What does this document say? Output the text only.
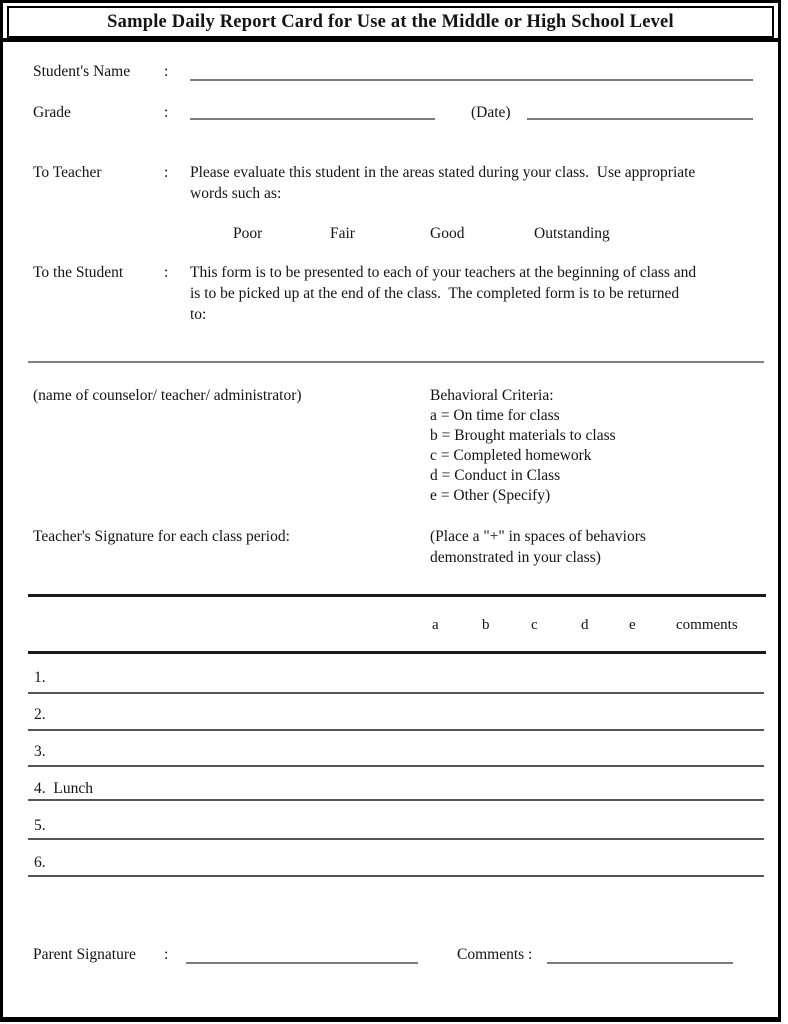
Sample Daily Report Card for Use at the Middle or High School Level
Student's Name :
Grade	:	(Date)
To Teacher	: Please evaluate this student in the areas stated during your class.  Use appropriate
words such as:
Poor	Fair	Good	Outstanding
To the Student	: This form is to be presented to each of your teachers at the beginning of class and
is to be picked up at the end of the class.  The completed form is to be returned
to:
(name of counselor/ teacher/ administrator)	Behavioral Criteria:
a = On time for class
b = Brought materials to class
c = Completed homework
d = Conduct in Class
e = Other (Specify)
Teacher's Signature for each class period:	(Place a "+" in spaces of behaviors
demonstrated in your class)
a	b	c	d	e	comments
1.
2.
3.
4.  Lunch
5.
6.
Parent Signature :	Comments :
